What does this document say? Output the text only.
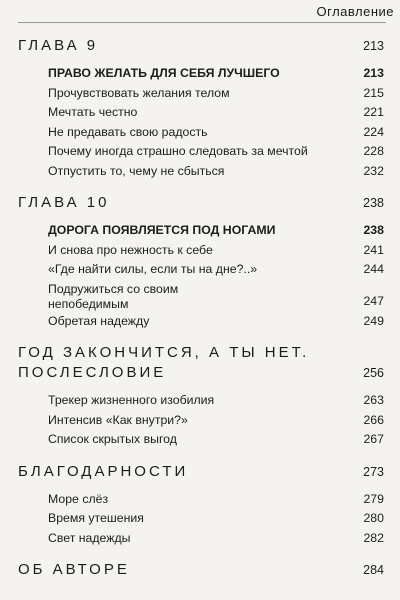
Оглавление
ГЛАВА 9	213
ПРАВО ЖЕЛАТЬ ДЛЯ СЕБЯ ЛУЧШЕГО	213
Прочувствовать желания телом	215
Мечтать честно	221
Не предавать свою радость	224
Почему иногда страшно следовать за мечтой	228
Отпустить то, чему не сбыться	232
ГЛАВА 10	238
ДОРОГА ПОЯВЛЯЕТСЯ ПОД НОГАМИ	238
И снова про нежность к себе	241
«Где найти силы, если ты на дне?..»	244
Подружиться со своим непобедимым	247
Обретая надежду	249
ГОД ЗАКОНЧИТСЯ, А ТЫ НЕТ.
ПОСЛЕСЛОВИЕ	256
Трекер жизненного изобилия	263
Интенсив «Как внутри?»	266
Список скрытых выгод	267
БЛАГОДАРНОСТИ	273
Море слёз	279
Время утешения	280
Свет надежды	282
ОБ АВТОРЕ	284
